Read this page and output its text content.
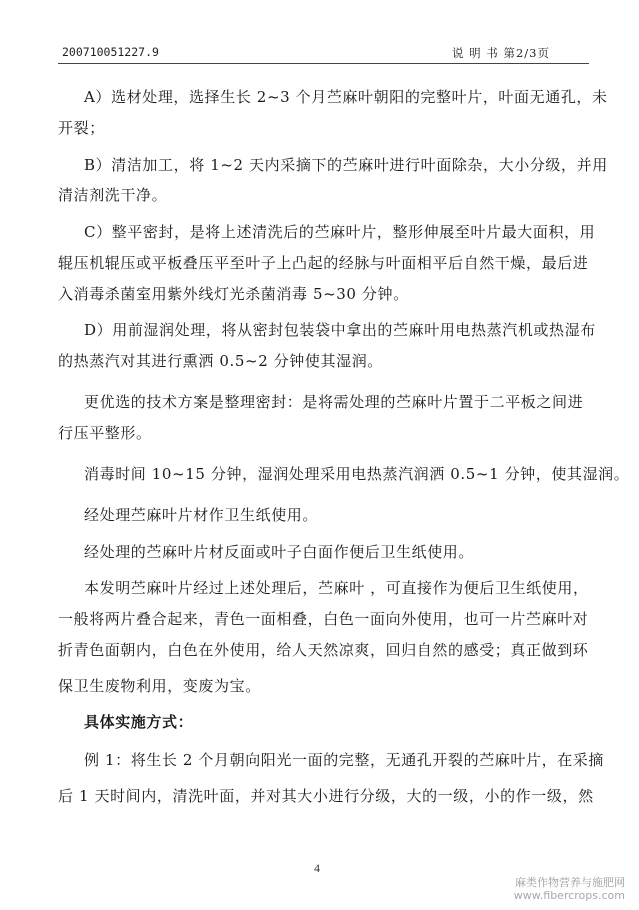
200710051227.9	说 明 书 第2/3页
A）选材处理，选择生长 2~3 个月苎麻叶朝阳的完整叶片，叶面无通孔，未
开裂；
B）清洁加工，将 1~2 天内采摘下的苎麻叶进行叶面除杂，大小分级，并用
清洁剂洗干净。
C）整平密封，是将上述清洗后的苎麻叶片，整形伸展至叶片最大面积，用
辊压机辊压或平板叠压平至叶子上凸起的经脉与叶面相平后自然干燥，最后进
入消毒杀菌室用紫外线灯光杀菌消毒 5~30 分钟。
D）用前湿润处理，将从密封包装袋中拿出的苎麻叶用电热蒸汽机或热湿布
的热蒸汽对其进行熏洒 0.5~2 分钟使其湿润。
更优选的技术方案是整理密封：是将需处理的苎麻叶片置于二平板之间进
行压平整形。
消毒时间 10~15 分钟，湿润处理采用电热蒸汽润洒 0.5~1 分钟，使其湿润。
经处理苎麻叶片材作卫生纸使用。
经处理的苎麻叶片材反面或叶子白面作便后卫生纸使用。
本发明苎麻叶片经过上述处理后，苎麻叶 ，可直接作为便后卫生纸使用，
一般将两片叠合起来，青色一面相叠，白色一面向外使用，也可一片苎麻叶对
折青色面朝内，白色在外使用，给人天然凉爽，回归自然的感受；真正做到环
保卫生废物利用，变废为宝。
具体实施方式：
例 1：将生长 2 个月朝向阳光一面的完整，无通孔开裂的苎麻叶片，在采摘
后 1 天时间内，清洗叶面，并对其大小进行分级，大的一级，小的作一级，然
4
麻类作物营养与施肥网
www.fibercrops.com
